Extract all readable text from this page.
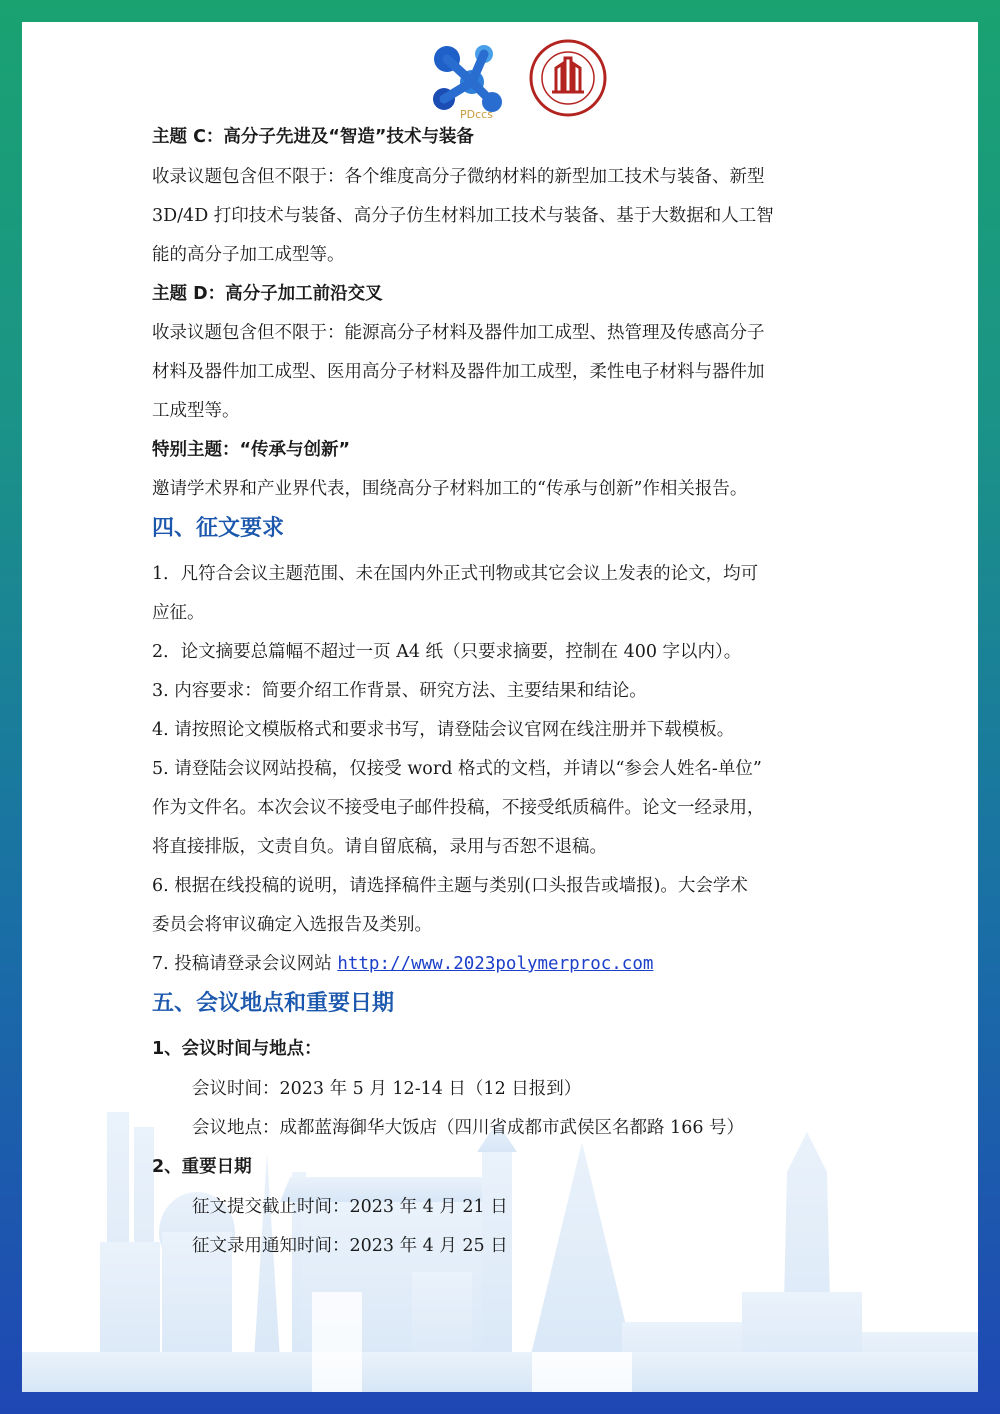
PDccs
主题 C：高分子先进及“智造”技术与装备
收录议题包含但不限于：各个维度高分子微纳材料的新型加工技术与装备、新型
3D/4D 打印技术与装备、高分子仿生材料加工技术与装备、基于大数据和人工智
能的高分子加工成型等。
主题 D：高分子加工前沿交叉
收录议题包含但不限于：能源高分子材料及器件加工成型、热管理及传感高分子
材料及器件加工成型、医用高分子材料及器件加工成型，柔性电子材料与器件加
工成型等。
特别主题：“传承与创新”
邀请学术界和产业界代表，围绕高分子材料加工的“传承与创新”作相关报告。
四、征文要求
1．凡符合会议主题范围、未在国内外正式刊物或其它会议上发表的论文，均可
应征。
2．论文摘要总篇幅不超过一页 A4 纸（只要求摘要，控制在 400 字以内）。
3. 内容要求：简要介绍工作背景、研究方法、主要结果和结论。
4. 请按照论文模版格式和要求书写，请登陆会议官网在线注册并下载模板。
5. 请登陆会议网站投稿，仅接受 word 格式的文档，并请以“参会人姓名-单位”
作为文件名。本次会议不接受电子邮件投稿，不接受纸质稿件。论文一经录用，
将直接排版，文责自负。请自留底稿，录用与否恕不退稿。
6. 根据在线投稿的说明，请选择稿件主题与类别(口头报告或墙报)。大会学术
委员会将审议确定入选报告及类别。
7. 投稿请登录会议网站 http://www.2023polymerproc.com
五、会议地点和重要日期
1、会议时间与地点：
会议时间：2023 年 5 月 12-14 日（12 日报到）
会议地点：成都蓝海御华大饭店（四川省成都市武侯区名都路 166 号）
2、重要日期
征文提交截止时间：2023 年 4 月 21 日
征文录用通知时间：2023 年 4 月 25 日
